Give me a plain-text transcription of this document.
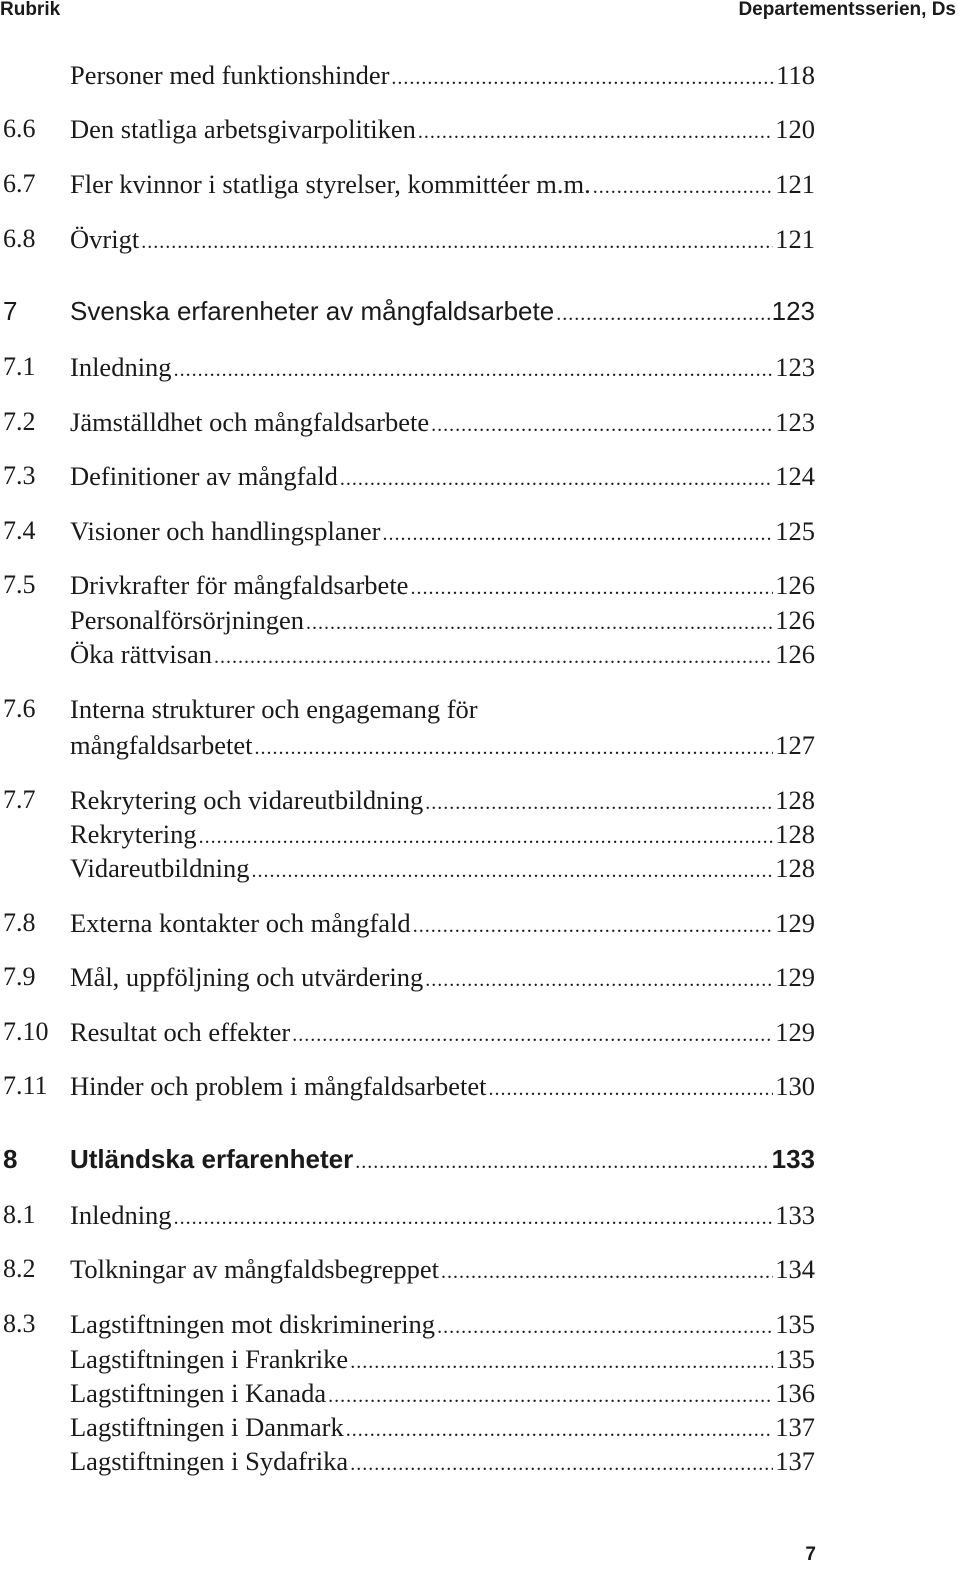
Rubrik	Departementsserien, Ds
Personer med funktionshinder .....	118
6.6 Den statliga arbetsgivarpolitiken .....	120
6.7 Fler kvinnor i statliga styrelser, kommittéer m.m. .....	121
6.8 Övrigt .....	121
7 Svenska erfarenheter av mångfaldsarbete .....	123
7.1 Inledning .....	123
7.2 Jämställdhet och mångfaldsarbete .....	123
7.3 Definitioner av mångfald .....	124
7.4 Visioner och handlingsplaner .....	125
7.5 Drivkrafter för mångfaldsarbete .....	126
Personalförsörjningen .....	126
Öka rättvisan .....	126
7.6 Interna strukturer och engagemang för
mångfaldsarbetet .....	127
7.7 Rekrytering och vidareutbildning .....	128
Rekrytering .....	128
Vidareutbildning .....	128
7.8 Externa kontakter och mångfald .....	129
7.9 Mål, uppföljning och utvärdering .....	129
7.10 Resultat och effekter .....	129
7.11 Hinder och problem i mångfaldsarbetet .....	130
8 Utländska erfarenheter .....	133
8.1 Inledning .....	133
8.2 Tolkningar av mångfaldsbegreppet .....	134
8.3 Lagstiftningen mot diskriminering .....	135
Lagstiftningen i Frankrike .....	135
Lagstiftningen i Kanada .....	136
Lagstiftningen i Danmark .....	137
Lagstiftningen i Sydafrika .....	137
7
